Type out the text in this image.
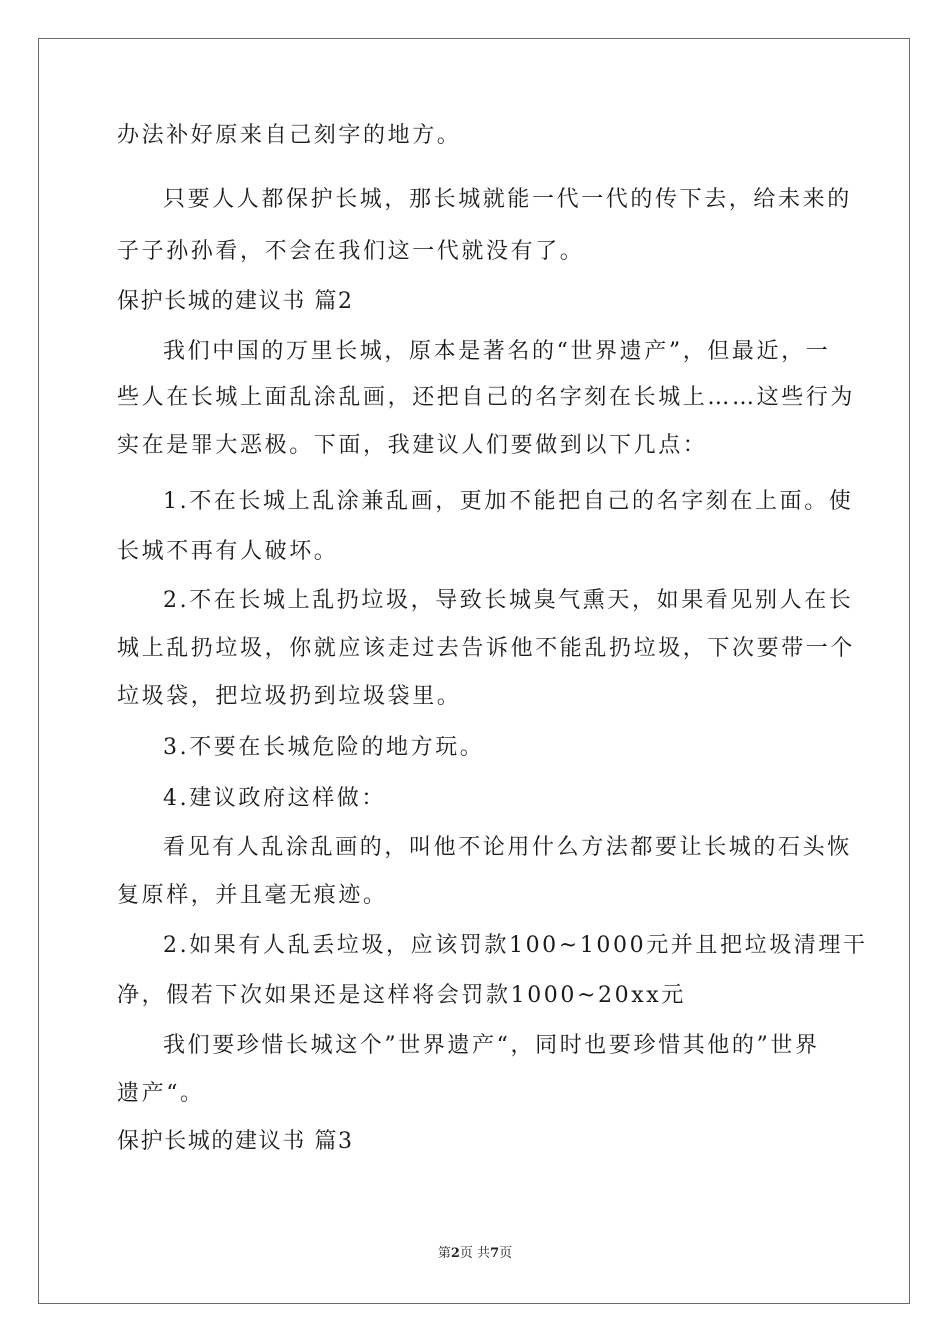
办法补好原来自己刻字的地方。
只要人人都保护长城，那长城就能一代一代的传下去，给未来的
子子孙孙看，不会在我们这一代就没有了。
保护长城的建议书 篇2
我们中国的万里长城，原本是著名的“世界遗产”，但最近，一
些人在长城上面乱涂乱画，还把自己的名字刻在长城上……这些行为
实在是罪大恶极。下面，我建议人们要做到以下几点：
1.不在长城上乱涂兼乱画，更加不能把自己的名字刻在上面。使
长城不再有人破坏。
2.不在长城上乱扔垃圾，导致长城臭气熏天，如果看见别人在长
城上乱扔垃圾，你就应该走过去告诉他不能乱扔垃圾，下次要带一个
垃圾袋，把垃圾扔到垃圾袋里。
3.不要在长城危险的地方玩。
4.建议政府这样做：
看见有人乱涂乱画的，叫他不论用什么方法都要让长城的石头恢
复原样，并且毫无痕迹。
2.如果有人乱丢垃圾，应该罚款100~1000元并且把垃圾清理干
净，假若下次如果还是这样将会罚款1000~20xx元
我们要珍惜长城这个”世界遗产“，同时也要珍惜其他的”世界
遗产“。
保护长城的建议书 篇3
第2页 共7页
